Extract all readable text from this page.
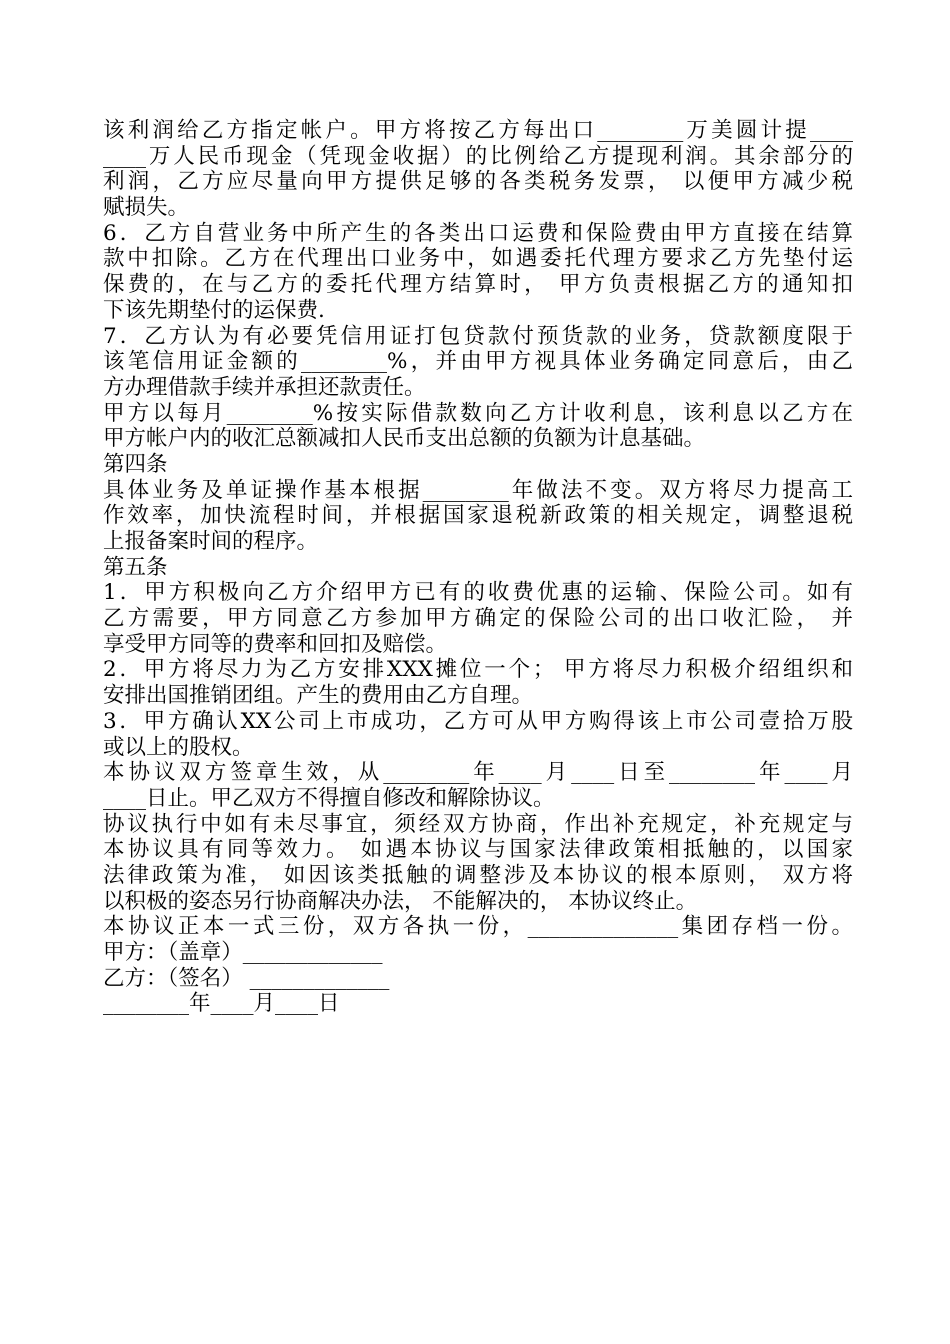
该利润给乙方指定帐户。甲方将按乙方每出口________万美圆计提____
____万人民币现金（凭现金收据）的比例给乙方提现利润。其余部分的
利润，乙方应尽量向甲方提供足够的各类税务发票， 以便甲方减少税
赋损失。
6．乙方自营业务中所产生的各类出口运费和保险费由甲方直接在结算
款中扣除。乙方在代理出口业务中，如遇委托代理方要求乙方先垫付运
保费的，在与乙方的委托代理方结算时， 甲方负责根据乙方的通知扣
下该先期垫付的运保费.
7．乙方认为有必要凭信用证打包贷款付预货款的业务，贷款额度限于
该笔信用证金额的________%，并由甲方视具体业务确定同意后，由乙
方办理借款手续并承担还款责任。
甲方以每月________%按实际借款数向乙方计收利息，该利息以乙方在
甲方帐户内的收汇总额减扣人民币支出总额的负额为计息基础。
第四条
具体业务及单证操作基本根据________年做法不变。双方将尽力提高工
作效率，加快流程时间，并根据国家退税新政策的相关规定，调整退税
上报备案时间的程序。
第五条
1．甲方积极向乙方介绍甲方已有的收费优惠的运输、保险公司。如有
乙方需要，甲方同意乙方参加甲方确定的保险公司的出口收汇险， 并
享受甲方同等的费率和回扣及赔偿。
2．甲方将尽力为乙方安排XXX摊位一个； 甲方将尽力积极介绍组织和
安排出国推销团组。产生的费用由乙方自理。
3．甲方确认XX公司上市成功，乙方可从甲方购得该上市公司壹拾万股
或以上的股权。
本协议双方签章生效，从________年____月____日至________年____月
____日止。甲乙双方不得擅自修改和解除协议。
协议执行中如有未尽事宜，须经双方协商，作出补充规定，补充规定与
本协议具有同等效力。 如遇本协议与国家法律政策相抵触的，以国家
法律政策为准， 如因该类抵触的调整涉及本协议的根本原则， 双方将
以积极的姿态另行协商解决办法， 不能解决的， 本协议终止。
本协议正本一式三份，双方各执一份，______________集团存档一份。
甲方：（盖章）_____________
乙方：（签名） _____________
________年____月____日
